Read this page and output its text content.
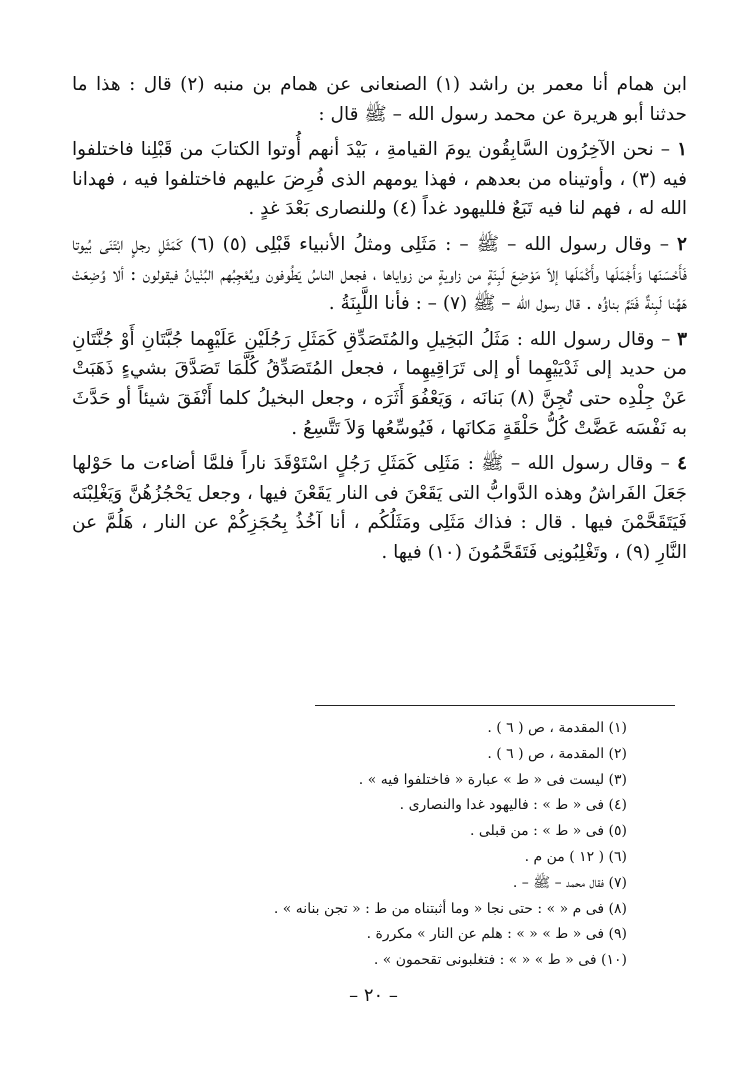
ابن همام أنا معمر بن راشد (١) الصنعانى عن همام بن منبه (٢) قال : هذا ما حدثنا أبو هريرة عن محمد رسول الله – ﷺ قال :

١ – نحن الآخِرُون السَّابِقُون يومَ القيامةِ ، بَيْدَ أنهم أُوتوا الكتابَ من قَبْلِنا فاختلفوا فيه (٣) ، وأوتيناه من بعدهم ، فهذا يومهم الذى فُرِضَ عليهم فاختلفوا فيه ، فهدانا الله له ، فهم لنا فيه تَبَعٌ فلليهود غداً (٤) وللنصارى بَعْدَ غدٍ .

٢ – وقال رسول الله – ﷺ – : مَثَلِى ومثلُ الأنبياء قَبْلِى (٥) (٦) كَمَثَلِ رجلٍ ابْتَنَى بُيوتا فَأَحْسَنَها وَأَجْمَلَها وأَكْمَلَها إلاّ مَوْضِعَ لَبِنَةٍ من زاويةٍ من زواياها ، فجعل الناسُ يَطُوفون ويُعْجِبُهم البُنْيانُ فيقولون : ألا وُضِعَتْ هَهُنا لَبِنةٌ فَتَمَّ بناؤُه . قال رسول الله – ﷺ (٧) – : فأنا اللَّبِنَةُ .

٣ – وقال رسول الله : مَثَلُ البَخِيلِ والمُتَصَدِّقِ كَمَثَلِ رَجُلَيْنِ عَلَيْهِما جُبَّتَانِ أَوْ جُنَّتَانِ من حديد إلى ثَدْيَيْهِما أو إلى تَرَاقِيهِما ، فجعل المُتَصَدِّقُ كُلَّمَا تَصَدَّقَ بشيءٍ ذَهَبَتْ عَنْ جِلْدِه حتى تُجِنَّ (٨) بَنانَه ، وَيَعْفُوَ أَثَرَه ، وجعل البخيلُ كلما أَنْفَقَ شيئاً أو حَدَّثَ به نَفْسَه عَضَّتْ كُلُّ حَلْقَةٍ مَكانَها ، فَيُوسِّعُها وَلاَ تَتَّسِعُ .

٤ – وقال رسول الله – ﷺ : مَثَلِى كَمَثَلِ رَجُلٍ اسْتَوْقَدَ ناراً فلمَّا أضاءت ما حَوْلها جَعَلَ الفَراشُ وهذه الدَّوابُّ التى يَقَعْنَ فى النار يَقَعْنَ فيها ، وجعل يَحْجُزُهُنَّ وَيَغْلِبْنَه فَيَتَقَحَّمْنَ فيها . قال : فذاك مَثَلِى ومَثَلُكُم ، أنا آخُذُ بِحُجَزِكُمْ عن النار ، هَلُمَّ عن النَّارِ (٩) ، وتَغْلِبُونِى فَتَقَحَّمُونَ (١٠) فيها .

(١) المقدمة ، ص ( ٦ ) .
(٢) المقدمة ، ص ( ٦ ) .
(٣) ليست فى « ط » عبارة « فاختلفوا فيه » .
(٤) فى « ط » : فاليهود غدا والنصارى .
(٥) فى « ط » : من قبلى .
(٦) ( ١٢ ) من م .
(٧) فقال محمد – ﷺ – .
(٨) فى م « » : حتى نجا « وما أثبتناه من ط : « تجن بنانه » .
(٩) فى « ط » « » : هلم عن النار » مكررة .
(١٠) فى « ط » « » : فتغلبونى تقحمون » .
– ٢٠ –
